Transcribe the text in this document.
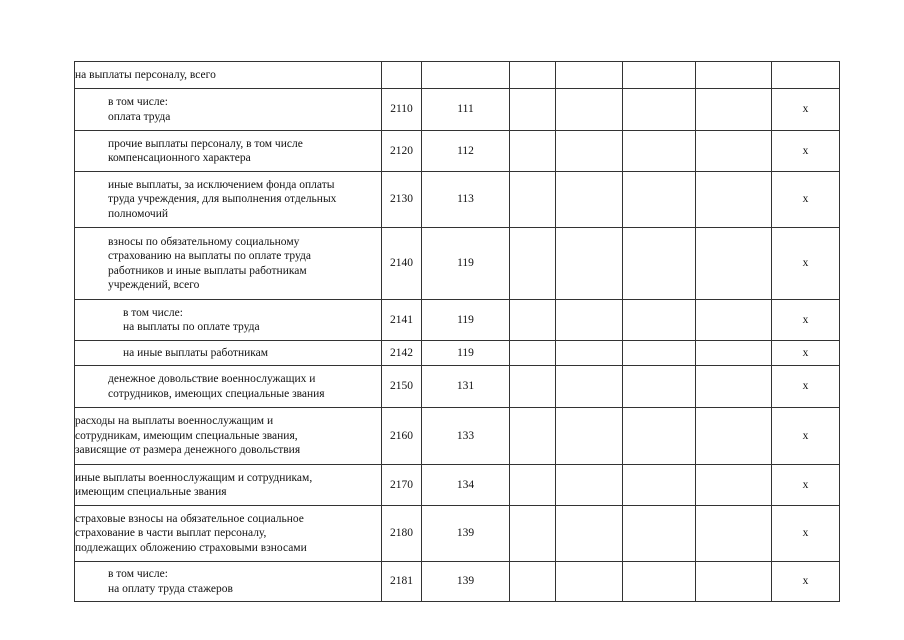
на выплаты персоналу, всего							

в том числе:
оплата труда	2110	111					х

прочие выплаты персоналу, в том числе
компенсационного характера	2120	112					х

иные выплаты, за исключением фонда оплаты
труда учреждения, для выполнения отдельных
полномочий	2130	113					х

взносы по обязательному социальному
страхованию на выплаты по оплате труда
работников и иные выплаты работникам
учреждений, всего	2140	119					х

в том числе:
на выплаты по оплате труда	2141	119					х

на иные выплаты работникам	2142	119					х

денежное довольствие военнослужащих и
сотрудников, имеющих специальные звания	2150	131					х

расходы на выплаты военнослужащим и
сотрудникам, имеющим специальные звания,
зависящие от размера денежного довольствия	2160	133					х

иные выплаты военнослужащим и сотрудникам,
имеющим специальные звания	2170	134					х

страховые взносы на обязательное социальное
страхование в части выплат персоналу,
подлежащих обложению страховыми взносами	2180	139					х

в том числе:
на оплату труда стажеров	2181	139					х
